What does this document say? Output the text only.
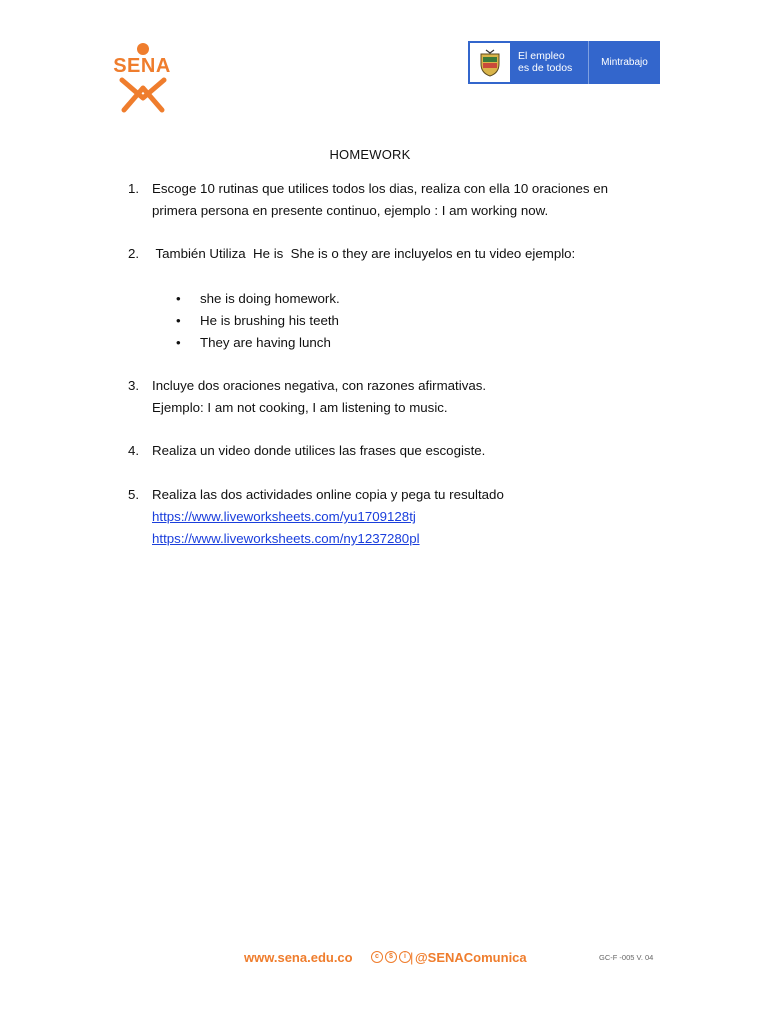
SENA	El empleo
es de todos	Mintrabajo
HOMEWORK
1. Escoge 10 rutinas que utilices todos los dias, realiza con ella 10 oraciones en
primera persona en presente continuo, ejemplo : I am working now.
2. También Utiliza  He is  She is o they are incluyelos en tu video ejemplo:
• she is doing homework.
• He is brushing his teeth
• They are having lunch
3. Incluye dos oraciones negativa, con razones afirmativas.
Ejemplo: I am not cooking, I am listening to music.
4. Realiza un video donde utilices las frases que escogiste.
5. Realiza las dos actividades online copia y pega tu resultado
https://www.liveworksheets.com/yu1709128tj
https://www.liveworksheets.com/ny1237280pl
www.sena.edu.co	c	$	i | @SENAComunica	GC-F -005 V. 04
